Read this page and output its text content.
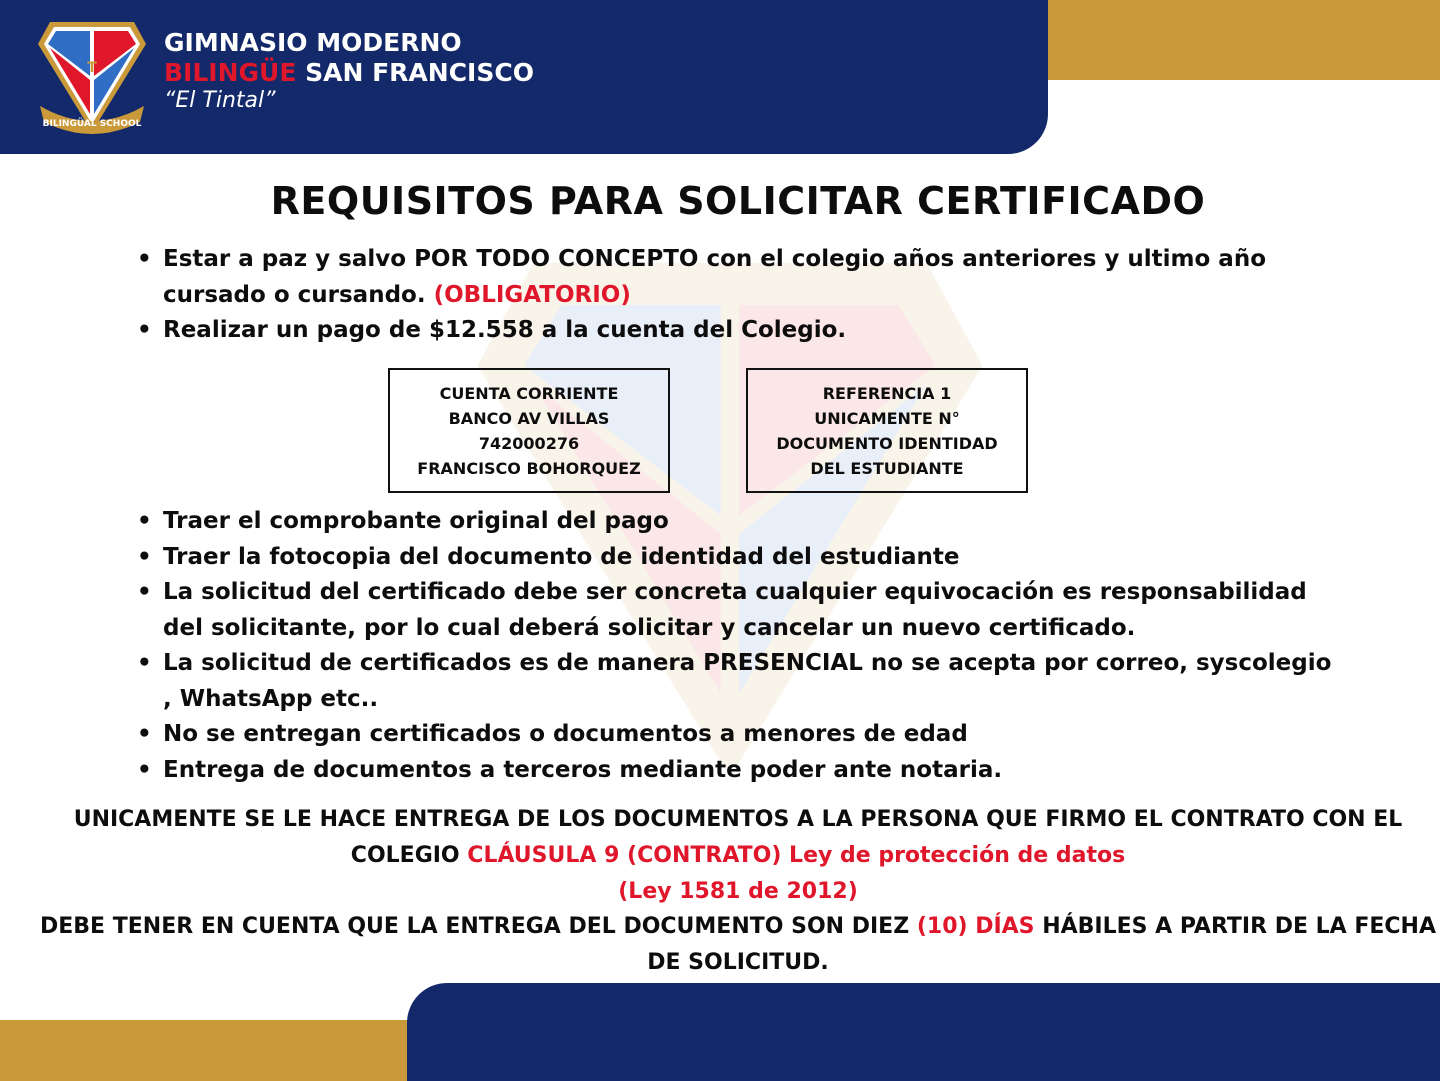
T
BILINGÜAL SCHOOL
GIMNASIO MODERNO
BILINGÜE SAN FRANCISCO
“El Tintal”
REQUISITOS PARA SOLICITAR CERTIFICADO
• Estar a paz y salvo POR TODO CONCEPTO con el colegio años anteriores y ultimo año cursado o cursando. (OBLIGATORIO)
• Realizar un pago de $12.558 a la cuenta del Colegio.
CUENTA CORRIENTE
BANCO AV VILLAS
742000276
FRANCISCO BOHORQUEZ
REFERENCIA 1
UNICAMENTE N°
DOCUMENTO IDENTIDAD
DEL ESTUDIANTE
• Traer el comprobante original del pago
• Traer la fotocopia del documento de identidad del estudiante
• La solicitud del certificado debe ser concreta cualquier equivocación es responsabilidad del solicitante, por lo cual deberá solicitar y cancelar un nuevo certificado.
• La solicitud de certificados es de manera PRESENCIAL no se acepta por correo, syscolegio , WhatsApp etc..
• No se entregan certificados o documentos a menores de edad
• Entrega de documentos a terceros mediante poder ante notaria.
UNICAMENTE SE LE HACE ENTREGA DE LOS DOCUMENTOS A LA PERSONA QUE FIRMO EL CONTRATO CON EL COLEGIO CLÁUSULA 9 (CONTRATO) Ley de protección de datos
(Ley 1581 de 2012)
DEBE TENER EN CUENTA QUE LA ENTREGA DEL DOCUMENTO SON DIEZ (10) DÍAS HÁBILES A PARTIR DE LA FECHA DE SOLICITUD.
